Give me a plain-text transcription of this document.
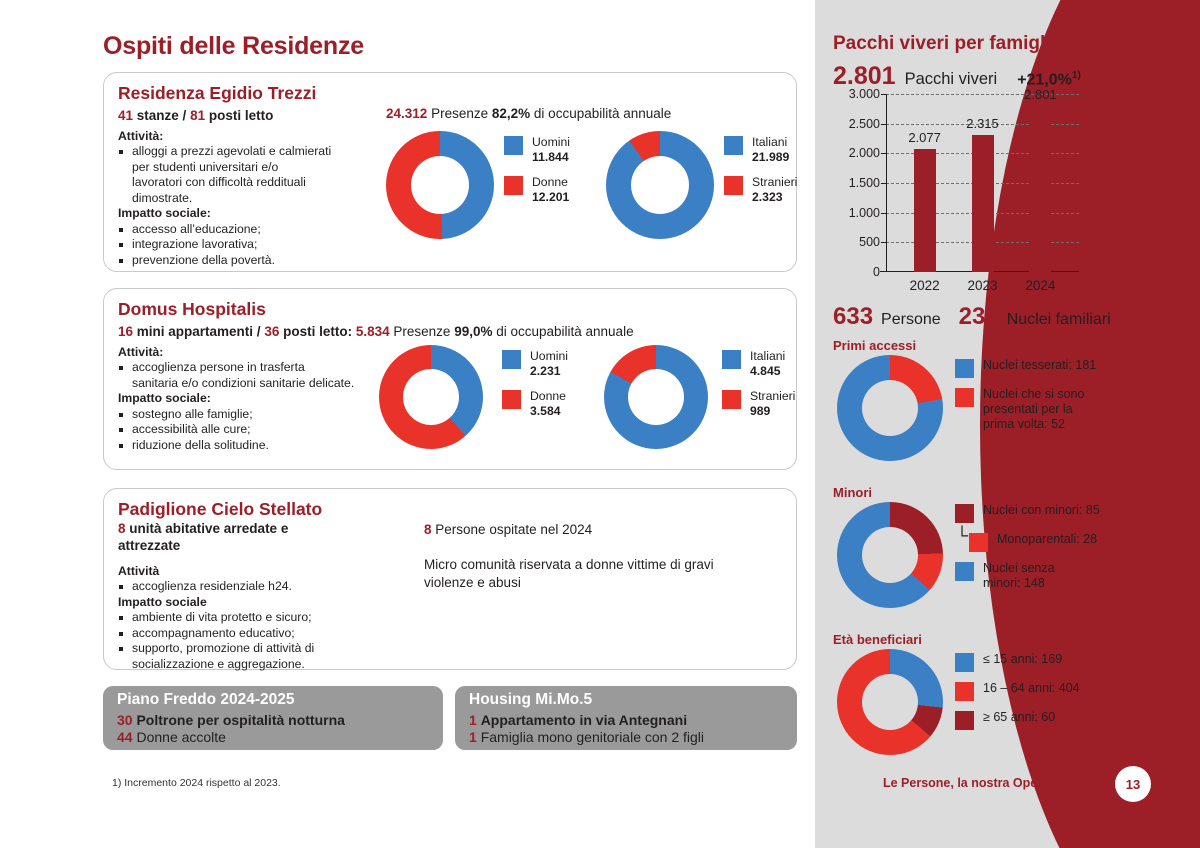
Ospiti delle Residenze
Residenza Egidio Trezzi
41 stanze / 81 posti letto
Attività:
alloggi a prezzi agevolati e calmierati
per studenti universitari e/o
lavoratori con difficoltà reddituali
dimostrate.
Impatto sociale:
accesso all’educazione;
integrazione lavorativa;
prevenzione della povertà.
24.312 Presenze 82,2% di occupabilità annuale
Uomini
11.844
Donne
12.201
Italiani
21.989
Stranieri
2.323
Domus Hospitalis
16 mini appartamenti / 36 posti letto: 5.834 Presenze 99,0% di occupabilità annuale
Attività:
accoglienza persone in trasferta
sanitaria e/o condizioni sanitarie delicate.
Impatto sociale:
sostegno alle famiglie;
accessibilità alle cure;
riduzione della solitudine.
Uomini
2.231
Donne
3.584
Italiani
4.845
Stranieri
989
Padiglione Cielo Stellato
8 unità abitative arredate e
attrezzate
Attività
accoglienza residenziale h24.
Impatto sociale
ambiente di vita protetto e sicuro;
accompagnamento educativo;
supporto, promozione di attività di
socializzazione e aggregazione.
8 Persone ospitate nel 2024
Micro comunità riservata a donne vittime di gravi
violenze e abusi
Piano Freddo 2024-2025
30 Poltrone per ospitalità notturna
44 Donne accolte
Housing Mi.Mo.5
1 Appartamento in via Antegnani
1 Famiglia mono genitoriale con 2 figli
1) Incremento 2024 rispetto al 2023.
Pacchi viveri per famiglie
2.801 Pacchi viveri +21,0%$^{1)}$
3.000
2.500
2.000
1.500
1.000
500
0
2.077
2.315
2.801
2022 2023 2024
633 Persone 233 Nuclei familiari
Primi accessi
Nuclei tesserati: 181
Nuclei che si sono
presentati per la
prima volta: 52
Minori
Nuclei con minori: 85
Monoparentali: 28
Nuclei senza
minori: 148
└
Età beneficiari
≤ 15 anni: 169
16 – 64 anni: 404
≥ 65 anni: 60
Le Persone, la nostra Opera dal 1921	13
